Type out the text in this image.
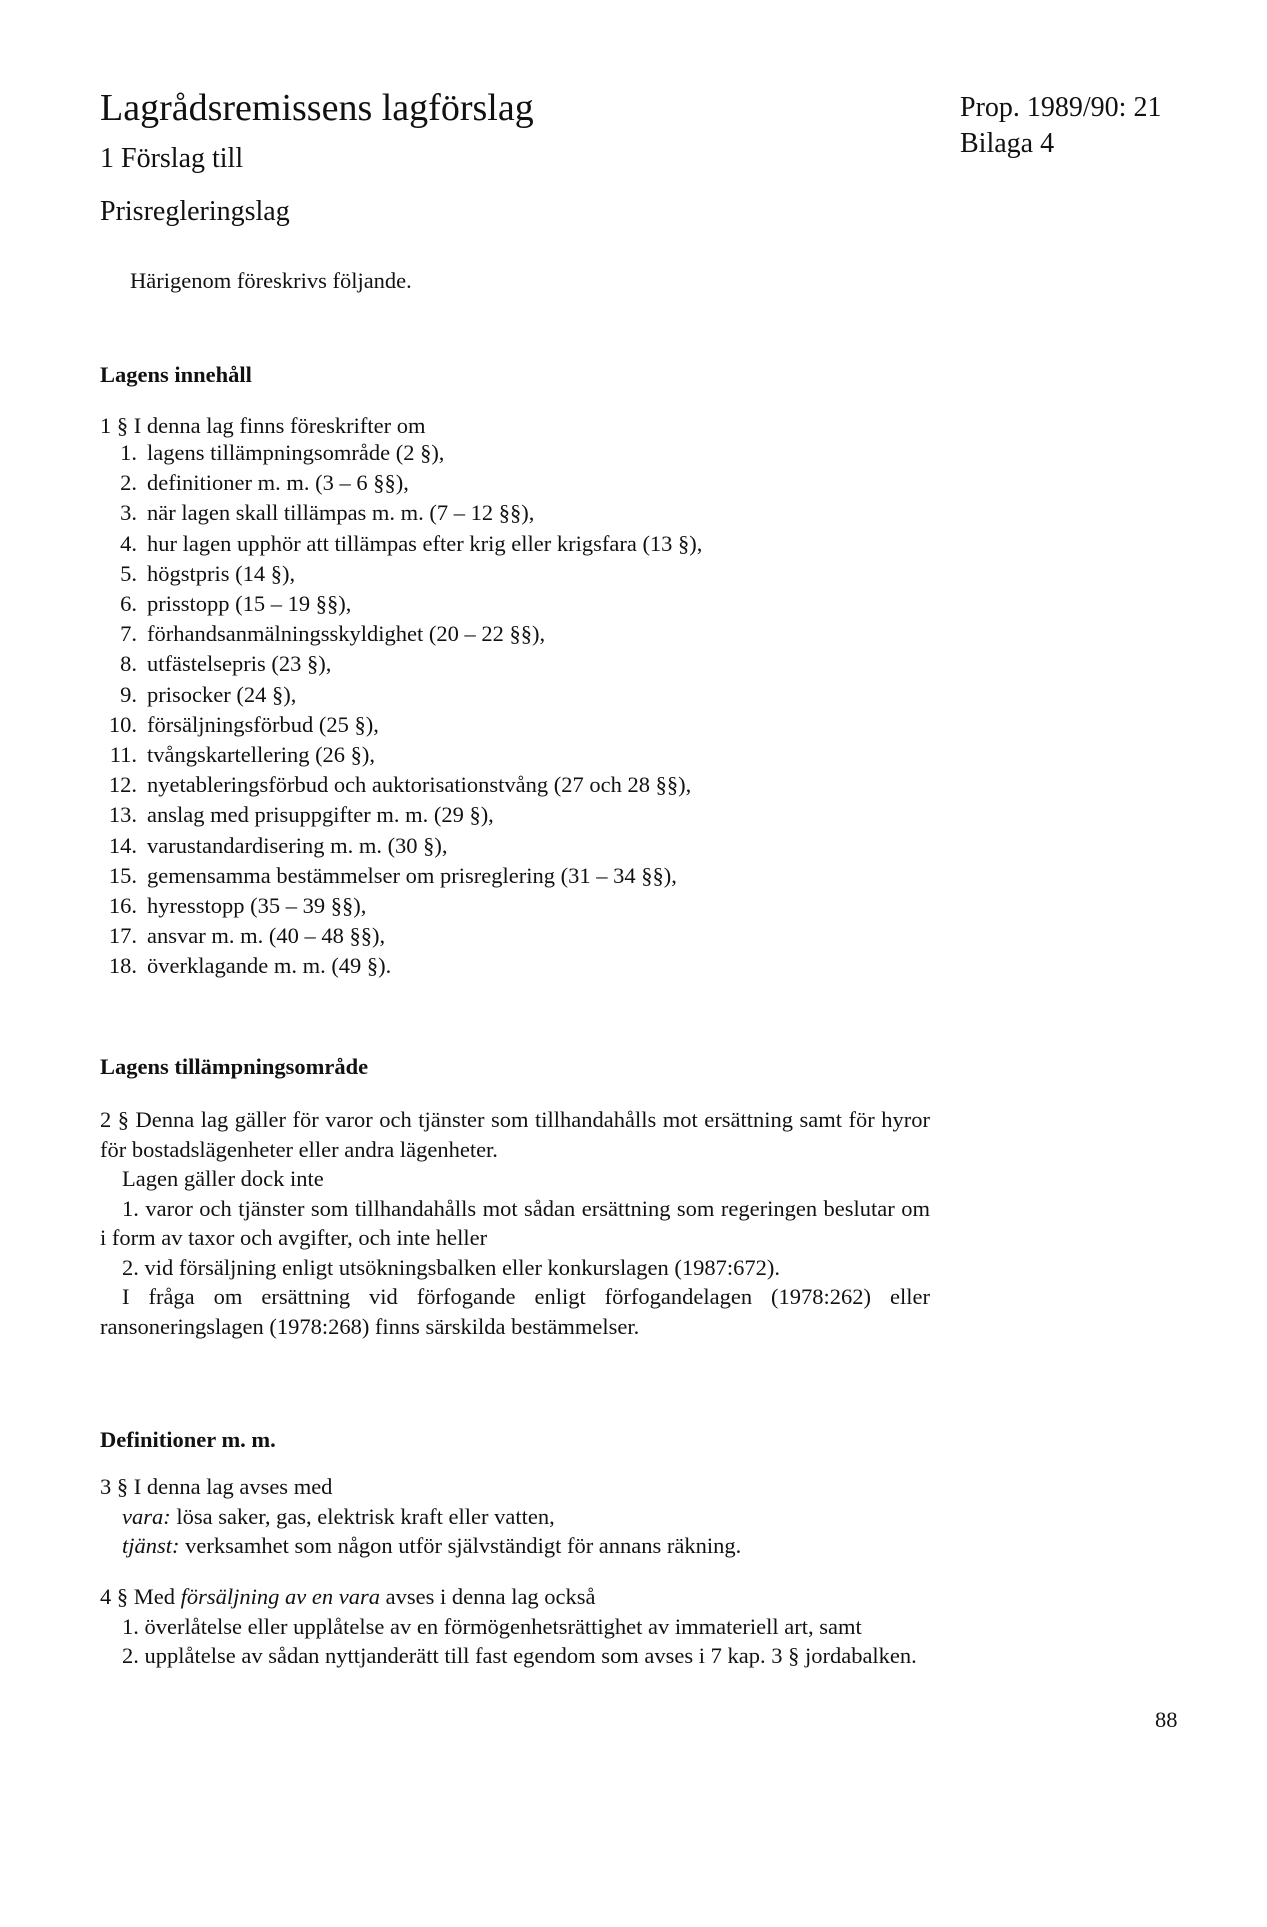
Lagrådsremissens lagförslag
1 Förslag till
Prisregleringslag
Prop. 1989/90: 21
Bilaga 4
Härigenom föreskrivs följande.
Lagens innehåll
1 § I denna lag finns föreskrifter om
1. lagens tillämpningsområde (2 §),
2. definitioner m. m. (3 – 6 §§),
3. när lagen skall tillämpas m. m. (7 – 12 §§),
4. hur lagen upphör att tillämpas efter krig eller krigsfara (13 §),
5. högstpris (14 §),
6. prisstopp (15 – 19 §§),
7. förhandsanmälningsskyldighet (20 – 22 §§),
8. utfästelsepris (23 §),
9. prisocker (24 §),
10. försäljningsförbud (25 §),
11. tvångskartellering (26 §),
12. nyetableringsförbud och auktorisationstvång (27 och 28 §§),
13. anslag med prisuppgifter m. m. (29 §),
14. varustandardisering m. m. (30 §),
15. gemensamma bestämmelser om prisreglering (31 – 34 §§),
16. hyresstopp (35 – 39 §§),
17. ansvar m. m. (40 – 48 §§),
18. överklagande m. m. (49 §).
Lagens tillämpningsområde

2 § Denna lag gäller för varor och tjänster som tillhandahålls mot ersättning samt för hyror för bostadslägenheter eller andra lägenheter.

Lagen gäller dock inte

1. varor och tjänster som tillhandahålls mot sådan ersättning som regeringen beslutar om i form av taxor och avgifter, och inte heller

2. vid försäljning enligt utsökningsbalken eller konkurslagen (1987:672).

I fråga om ersättning vid förfogande enligt förfogandelagen (1978:262) eller ransoneringslagen (1978:268) finns särskilda bestämmelser.

Definitioner m. m.

3 § I denna lag avses med

vara: lösa saker, gas, elektrisk kraft eller vatten,

tjänst: verksamhet som någon utför självständigt för annans räkning.

4 § Med försäljning av en vara avses i denna lag också

1. överlåtelse eller upplåtelse av en förmögenhetsrättighet av immateriell art, samt

2. upplåtelse av sådan nyttjanderätt till fast egendom som avses i 7 kap. 3 § jordabalken.

88
